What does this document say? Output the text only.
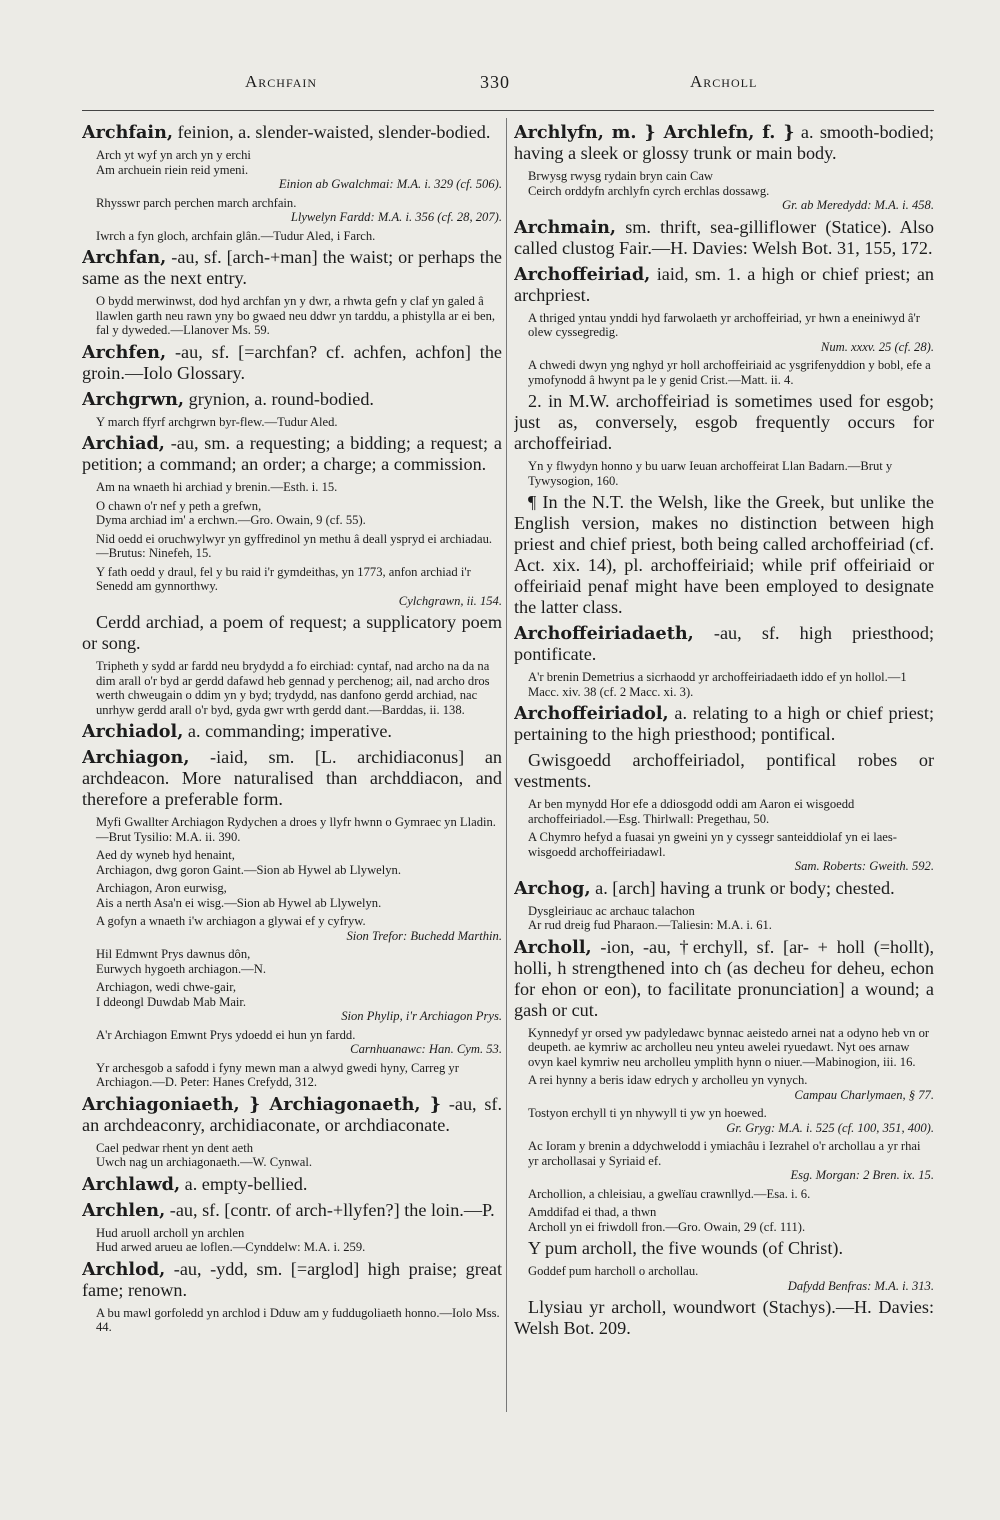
Archfain	330	Archoll

Archfain, feinion, a. slender-waisted, slender-bodied.

Arch yt wyf yn arch yn y erchi

Am archuein riein reid ymeni.

Einion ab Gwalchmai: M.A. i. 329 (cf. 506).

Rhysswr parch perchen march archfain.

Llywelyn Fardd: M.A. i. 356 (cf. 28, 207).

Iwrch a fyn gloch, archfain glân.—Tudur Aled, i Farch.

Archfan, -au, sf. [arch-+man] the waist; or perhaps the same as the next entry.

O bydd merwinwst, dod hyd archfan yn y dwr, a rhwta gefn y claf yn galed â llawlen garth neu rawn yny bo gwaed neu ddwr yn tarddu, a phistylla ar ei ben, fal y dyweded.—Llanover Ms. 59.

Archfen, -au, sf. [=archfan? cf. achfen, achfon] the groin.—Iolo Glossary.

Archgrwn, grynion, a. round-bodied.

Y march ffyrf archgrwn byr-flew.—Tudur Aled.

Archiad, -au, sm. a requesting; a bidding; a request; a petition; a command; an order; a charge; a commission.

Am na wnaeth hi archiad y brenin.—Esth. i. 15.

O chawn o'r nef y peth a grefwn,

Dyma archiad im' a erchwn.—Gro. Owain, 9 (cf. 55).

Nid oedd ei oruchwylwyr yn gyffredinol yn methu â deall yspryd ei archiadau.—Brutus: Ninefeh, 15.

Y fath oedd y draul, fel y bu raid i'r gymdeithas, yn 1773, anfon archiad i'r Senedd am gynnorthwy.

Cylchgrawn, ii. 154.

Cerdd archiad, a poem of request; a supplicatory poem or song.

Tripheth y sydd ar fardd neu brydydd a fo eirchiad: cyntaf, nad archo na da na dim arall o'r byd ar gerdd dafawd heb gennad y perchenog; ail, nad archo dros werth chweugain o ddim yn y byd; trydydd, nas danfono gerdd archiad, nac unrhyw gerdd arall o'r byd, gyda gwr wrth gerdd dant.—Barddas, ii. 138.

Archiadol, a. commanding; imperative.

Archiagon, -iaid, sm. [L. archidiaconus] an archdeacon. More naturalised than archddiacon, and therefore a preferable form.

Myfi Gwallter Archiagon Rydychen a droes y llyfr hwnn o Gymraec yn Lladin.—Brut Tysilio: M.A. ii. 390.

Aed dy wyneb hyd henaint,

Archiagon, dwg goron Gaint.—Sion ab Hywel ab Llywelyn.

Archiagon, Aron eurwisg,

Ais a nerth Asa'n ei wisg.—Sion ab Hywel ab Llywelyn.

A gofyn a wnaeth i'w archiagon a glywai ef y cyfryw.

Sion Trefor: Buchedd Marthin.

Hil Edmwnt Prys dawnus dôn,

Eurwych hygoeth archiagon.—N.

Archiagon, wedi chwe-gair,

I ddeongl Duwdab Mab Mair.

Sion Phylip, i'r Archiagon Prys.

A'r Archiagon Emwnt Prys ydoedd ei hun yn fardd.

Carnhuanawc: Han. Cym. 53.

Yr archesgob a safodd i fyny mewn man a alwyd gwedi hyny, Carreg yr Archiagon.—D. Peter: Hanes Crefydd, 312.

Archiagoniaeth, } Archiagonaeth, } -au, sf. an archdeaconry, archidiaconate, or archdiaconate.

Cael pedwar rhent yn dent aeth

Uwch nag un archiagonaeth.—W. Cynwal.

Archlawd, a. empty-bellied.

Archlen, -au, sf. [contr. of arch-+llyfen?] the loin.—P.

Hud aruoll archoll yn archlen

Hud arwed arueu ae loflen.—Cynddelw: M.A. i. 259.

Archlod, -au, -ydd, sm. [=arglod] high praise; great fame; renown.

A bu mawl gorfoledd yn archlod i Dduw am y fuddugoliaeth honno.—Iolo Mss. 44.

Archlyfn, m. } Archlefn, f. } a. smooth-bodied; having a sleek or glossy trunk or main body.

Brwysg rwysg rydain bryn cain Caw

Ceirch orddyfn archlyfn cyrch erchlas dossawg.

Gr. ab Meredydd: M.A. i. 458.

Archmain, sm. thrift, sea-gilliflower (Statice). Also called clustog Fair.—H. Davies: Welsh Bot. 31, 155, 172.

Archoffeiriad, iaid, sm. 1. a high or chief priest; an archpriest.

A thriged yntau ynddi hyd farwolaeth yr archoffeiriad, yr hwn a eneiniwyd â'r olew cyssegredig.

Num. xxxv. 25 (cf. 28).

A chwedi dwyn yng nghyd yr holl archoffeiriaid ac ysgrifenyddion y bobl, efe a ymofynodd â hwynt pa le y genid Crist.—Matt. ii. 4.

2. in M.W. archoffeiriad is sometimes used for esgob; just as, conversely, esgob frequently occurs for archoffeiriad.

Yn y flwydyn honno y bu uarw Ieuan archoffeirat Llan Badarn.—Brut y Tywysogion, 160.

¶ In the N.T. the Welsh, like the Greek, but unlike the English version, makes no distinction between high priest and chief priest, both being called archoffeiriad (cf. Act. xix. 14), pl. archoffeiriaid; while prif offeiriaid or offeiriaid penaf might have been employed to designate the latter class.

Archoffeiriadaeth, -au, sf. high priesthood; pontificate.

A'r brenin Demetrius a sicrhaodd yr archoffeiriadaeth iddo ef yn hollol.—1 Macc. xiv. 38 (cf. 2 Macc. xi. 3).

Archoffeiriadol, a. relating to a high or chief priest; pertaining to the high priesthood; pontifical.

Gwisgoedd archoffeiriadol, pontifical robes or vestments.

Ar ben mynydd Hor efe a ddiosgodd oddi am Aaron ei wisgoedd archoffeiriadol.—Esg. Thirlwall: Pregethau, 50.

A Chymro hefyd a fuasai yn gweini yn y cyssegr santeiddiolaf yn ei laes-wisgoedd archoffeiriadawl.

Sam. Roberts: Gweith. 592.

Archog, a. [arch] having a trunk or body; chested.

Dysgleiriauc ac archauc talachon

Ar rud dreig fud Pharaon.—Taliesin: M.A. i. 61.

Archoll, -ion, -au, †erchyll, sf. [ar- + holl (=hollt), holli, h strengthened into ch (as decheu for deheu, echon for ehon or eon), to facilitate pronunciation] a wound; a gash or cut.

Kynnedyf yr orsed yw padyledawc bynnac aeistedo arnei nat a odyno heb vn or deupeth. ae kymriw ac archolleu neu ynteu awelei ryuedawt. Nyt oes arnaw ovyn kael kymriw neu archolleu ymplith hynn o niuer.—Mabinogion, iii. 16.

A rei hynny a beris idaw edrych y archolleu yn vynych.

Campau Charlymaen, § 77.

Tostyon erchyll ti yn nhywyll ti yw yn hoewed.

Gr. Gryg: M.A. i. 525 (cf. 100, 351, 400).

Ac Ioram y brenin a ddychwelodd i ymiachâu i Iezrahel o'r archollau a yr rhai yr archollasai y Syriaid ef.

Esg. Morgan: 2 Bren. ix. 15.

Archollion, a chleisiau, a gwelïau crawnllyd.—Esa. i. 6.

Amddifad ei thad, a thwn

Archoll yn ei friwdoll fron.—Gro. Owain, 29 (cf. 111).

Y pum archoll, the five wounds (of Christ).

Goddef pum harcholl o archollau.

Dafydd Benfras: M.A. i. 313.

Llysiau yr archoll, woundwort (Stachys).—H. Davies: Welsh Bot. 209.
